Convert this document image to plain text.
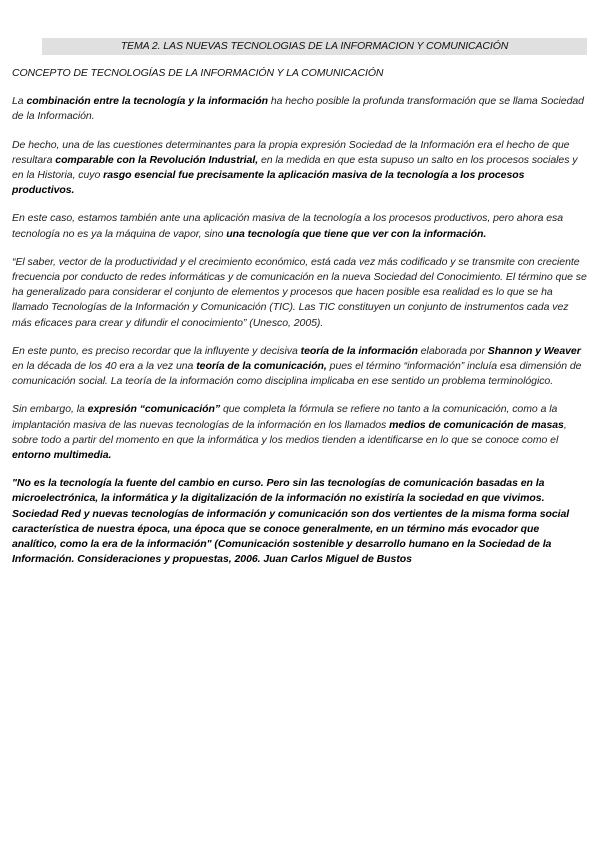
TEMA 2. LAS NUEVAS TECNOLOGIAS DE LA INFORMACION Y COMUNICACIÓN
CONCEPTO DE TECNOLOGÍAS DE LA INFORMACIÓN Y LA COMUNICACIÓN

La combinación entre la tecnología y la información ha hecho posible la profunda transformación que se llama Sociedad de la Información.

De hecho, una de las cuestiones determinantes para la propia expresión Sociedad de la Información era el hecho de que resultara comparable con la Revolución Industrial, en la medida en que esta supuso un salto en los procesos sociales y en la Historia, cuyo rasgo esencial fue precisamente la aplicación masiva de la tecnología a los procesos productivos.

En este caso, estamos también ante una aplicación masiva de la tecnología a los procesos productivos, pero ahora esa tecnología no es ya la máquina de vapor, sino una tecnología que tiene que ver con la información.

“El saber, vector de la productividad y el crecimiento económico, está cada vez más codificado y se transmite con creciente frecuencia por conducto de redes informáticas y de comunicación en la nueva Sociedad del Conocimiento. El término que se ha generalizado para considerar el conjunto de elementos y procesos que hacen posible esa realidad es lo que se ha llamado Tecnologías de la Información y Comunicación (TIC). Las TIC constituyen un conjunto de instrumentos cada vez más eficaces para crear y difundir el conocimiento” (Unesco, 2005).

En este punto, es preciso recordar que la influyente y decisiva teoría de la información elaborada por Shannon y Weaver en la década de los 40 era a la vez una teoría de la comunicación, pues el término “información” incluía esa dimensión de comunicación social. La teoría de la información como disciplina implicaba en ese sentido un problema terminológico.

Sin embargo, la expresión “comunicación” que completa la fórmula se refiere no tanto a la comunicación, como a la implantación masiva de las nuevas tecnologías de la información en los llamados medios de comunicación de masas, sobre todo a partir del momento en que la informática y los medios tienden a identificarse en lo que se conoce como el entorno multimedia.

"No es la tecnología la fuente del cambio en curso. Pero sin las tecnologías de comunicación basadas en la microelectrónica, la informática y la digitalización de la información no existiría la sociedad en que vivimos. Sociedad Red y nuevas tecnologías de información y comunicación son dos vertientes de la misma forma social característica de nuestra época, una época que se conoce generalmente, en un término más evocador que analítico, como la era de la información" (Comunicación sostenible y desarrollo humano en la Sociedad de la Información. Consideraciones y propuestas, 2006. Juan Carlos Miguel de Bustos
